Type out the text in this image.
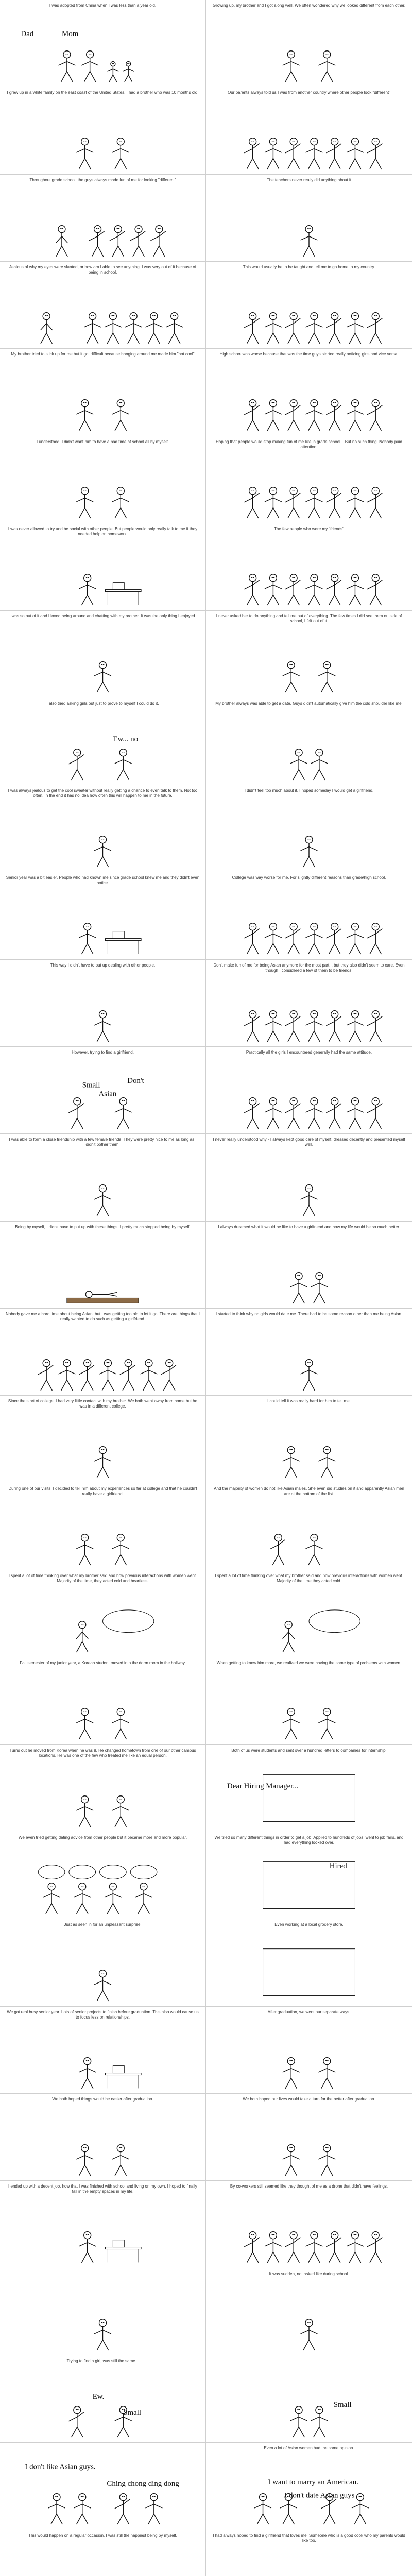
Dad	Mom
I was adopted from China when I was less than a year old.	Growing up, my brother and I got along well. We often wondered why we looked different from each other.
I grew up in a white family on the east coast of the United States. I had a brother who was 10 months old.	Our parents always told us I was from another country where other people look "different"
Throughout grade school, the guys always made fun of me for looking "different"	The teachers never really did anything about it
Jealous of why my eyes were slanted, or how am I able to see anything. I was very out of it because of being in school.
This would usually be to be taught and tell me to go home to my country.
My brother tried to stick up for me but it got difficult because hanging around me made him "not cool"	High school was worse because that was the time guys started really noticing girls and vice versa.
I understood. I didn't want him to have a bad time at school all by myself.	Hoping that people would stop making fun of me like in grade school... But no such thing. Nobody paid attention.
I was never allowed to try and be social with other people. But people would only really talk to me if they needed help on homework.
The few people who were my "friends"
I was so out of it and I loved being around and chatting with my brother. It was the only thing I enjoyed.	I never asked her to do anything and tell me out of everything. The few times I did see them outside of school, I felt out of it.
Ew... no
I also tried asking girls out just to prove to myself I could do it.	My brother always was able to get a date. Guys didn't automatically give him the cold shoulder like me.
I was always jealous to get the cool sweater without really getting a chance to even talk to them. Not too often. In the end it has no idea how often this will happen to me in the future.
I didn't feel too much about it. I hoped someday I would get a girlfriend.
Senior year was a bit easier. People who had known me since grade school knew me and they didn't even notice.
College was way worse for me. For slightly different reasons than grade/high school.
This way I didn't have to put up dealing with other people.	Don't make fun of me for being Asian anymore for the most part... but they also didn't seem to care. Even though I considered a few of them to be friends.
Small
Don't
Asian
However, trying to find a girlfriend.	Practically all the girls I encountered generally had the same attitude.
I was able to form a close friendship with a few female friends. They were pretty nice to me as long as I didn't bother them.
I never really understood why - I always kept good care of myself, dressed decently and presented myself well.
Being by myself, I didn't have to put up with these things. I pretty much stopped being by myself.	I always dreamed what it would be like to have a girlfriend and how my life would be so much better.
Nobody gave me a hard time about being Asian, but I was getting too old to let it go. There are things that I really wanted to do such as getting a girlfriend.
I started to think why no girls would date me. There had to be some reason other than me being Asian.
Since the start of college, I had very little contact with my brother. We both went away from home but he was in a different college.
I could tell it was really hard for him to tell me.
During one of our visits, I decided to tell him about my experiences so far at college and that he couldn't really have a girlfriend.
And the majority of women do not like Asian males. She even did studies on it and apparently Asian men are at the bottom of the list.
I spent a lot of time thinking over what my brother said and how previous interactions with women went. Majority of the time, they acted cold and heartless.
I spent a lot of time thinking over what my brother said and how previous interactions with women went. Majority of the time they acted cold.
Fall semester of my junior year, a Korean student moved into the dorm room in the hallway.	When getting to know him more, we realized we were having the same type of problems with women.
Turns out he moved from Korea when he was 8. He changed hometown from one of our other campus locations. He was one of the few who treated me like an equal person.
Dear Hiring Manager...
Both of us were students and sent over a hundred letters to companies for internship.
We even tried getting dating advice from other people but it became more and more popular.
Hired
We tried so many different things in order to get a job. Applied to hundreds of jobs, went to job fairs, and had everything looked over.
Just as seen in for an unpleasant surprise.	Even working at a local grocery store.
We got real busy senior year. Lots of senior projects to finish before graduation. This also would cause us to focus less on relationships.
After graduation, we went our separate ways.
We both hoped things would be easier after graduation.	We both hoped our lives would take a turn for the better after graduation.
I ended up with a decent job, how that I was finished with school and living on my own. I hoped to finally fall in the empty spaces in my life.
By co-workers still seemed like they thought of me as a drone that didn't have feelings.
It was sudden, not asked like during school.
Ew.
Small
Trying to find a girl, was still the same...
Small
I don't like Asian guys.
Ching chong ding dong	I want to marry an American.
I don't date Asian guys
Even a lot of Asian women had the same opinion.
This would happen on a regular occasion. I was still the happiest being by myself.	I had always hoped to find a girlfriend that loves me. Someone who is a good cook who my parents would like too.
